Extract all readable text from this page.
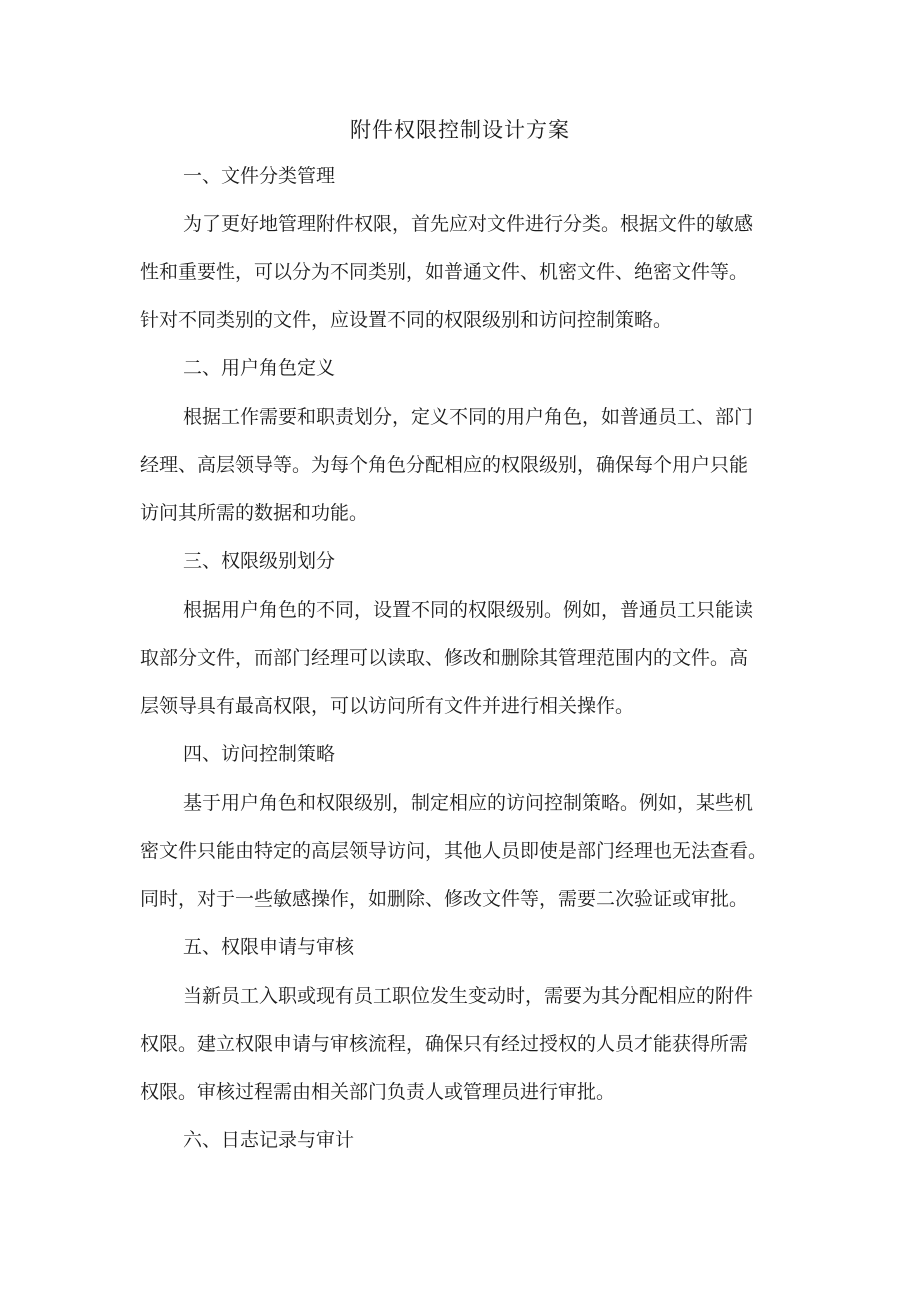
附件权限控制设计方案

一、文件分类管理

为了更好地管理附件权限，首先应对文件进行分类。根据文件的敏感

性和重要性，可以分为不同类别，如普通文件、机密文件、绝密文件等。

针对不同类别的文件，应设置不同的权限级别和访问控制策略。

二、用户角色定义

根据工作需要和职责划分，定义不同的用户角色，如普通员工、部门

经理、高层领导等。为每个角色分配相应的权限级别，确保每个用户只能

访问其所需的数据和功能。

三、权限级别划分

根据用户角色的不同，设置不同的权限级别。例如，普通员工只能读

取部分文件，而部门经理可以读取、修改和删除其管理范围内的文件。高

层领导具有最高权限，可以访问所有文件并进行相关操作。

四、访问控制策略

基于用户角色和权限级别，制定相应的访问控制策略。例如，某些机

密文件只能由特定的高层领导访问，其他人员即使是部门经理也无法查看。

同时，对于一些敏感操作，如删除、修改文件等，需要二次验证或审批。

五、权限申请与审核

当新员工入职或现有员工职位发生变动时，需要为其分配相应的附件

权限。建立权限申请与审核流程，确保只有经过授权的人员才能获得所需

权限。审核过程需由相关部门负责人或管理员进行审批。

六、日志记录与审计
